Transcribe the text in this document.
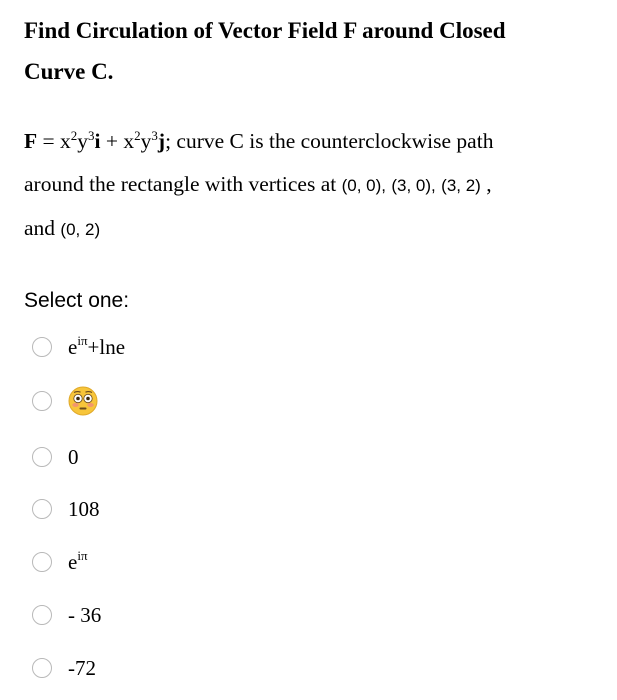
Find Circulation of Vector Field F around Closed
Curve C.
$F = x^2y^3i + x^2y^3j$; curve C is the counterclockwise path
around the rectangle with vertices at (0, 0), (3, 0), (3, 2) ,
and (0, 2)
Select one:
$e^{i\pi}+\ln e$
0
108
$e^{i\pi}$
- 36
-72
